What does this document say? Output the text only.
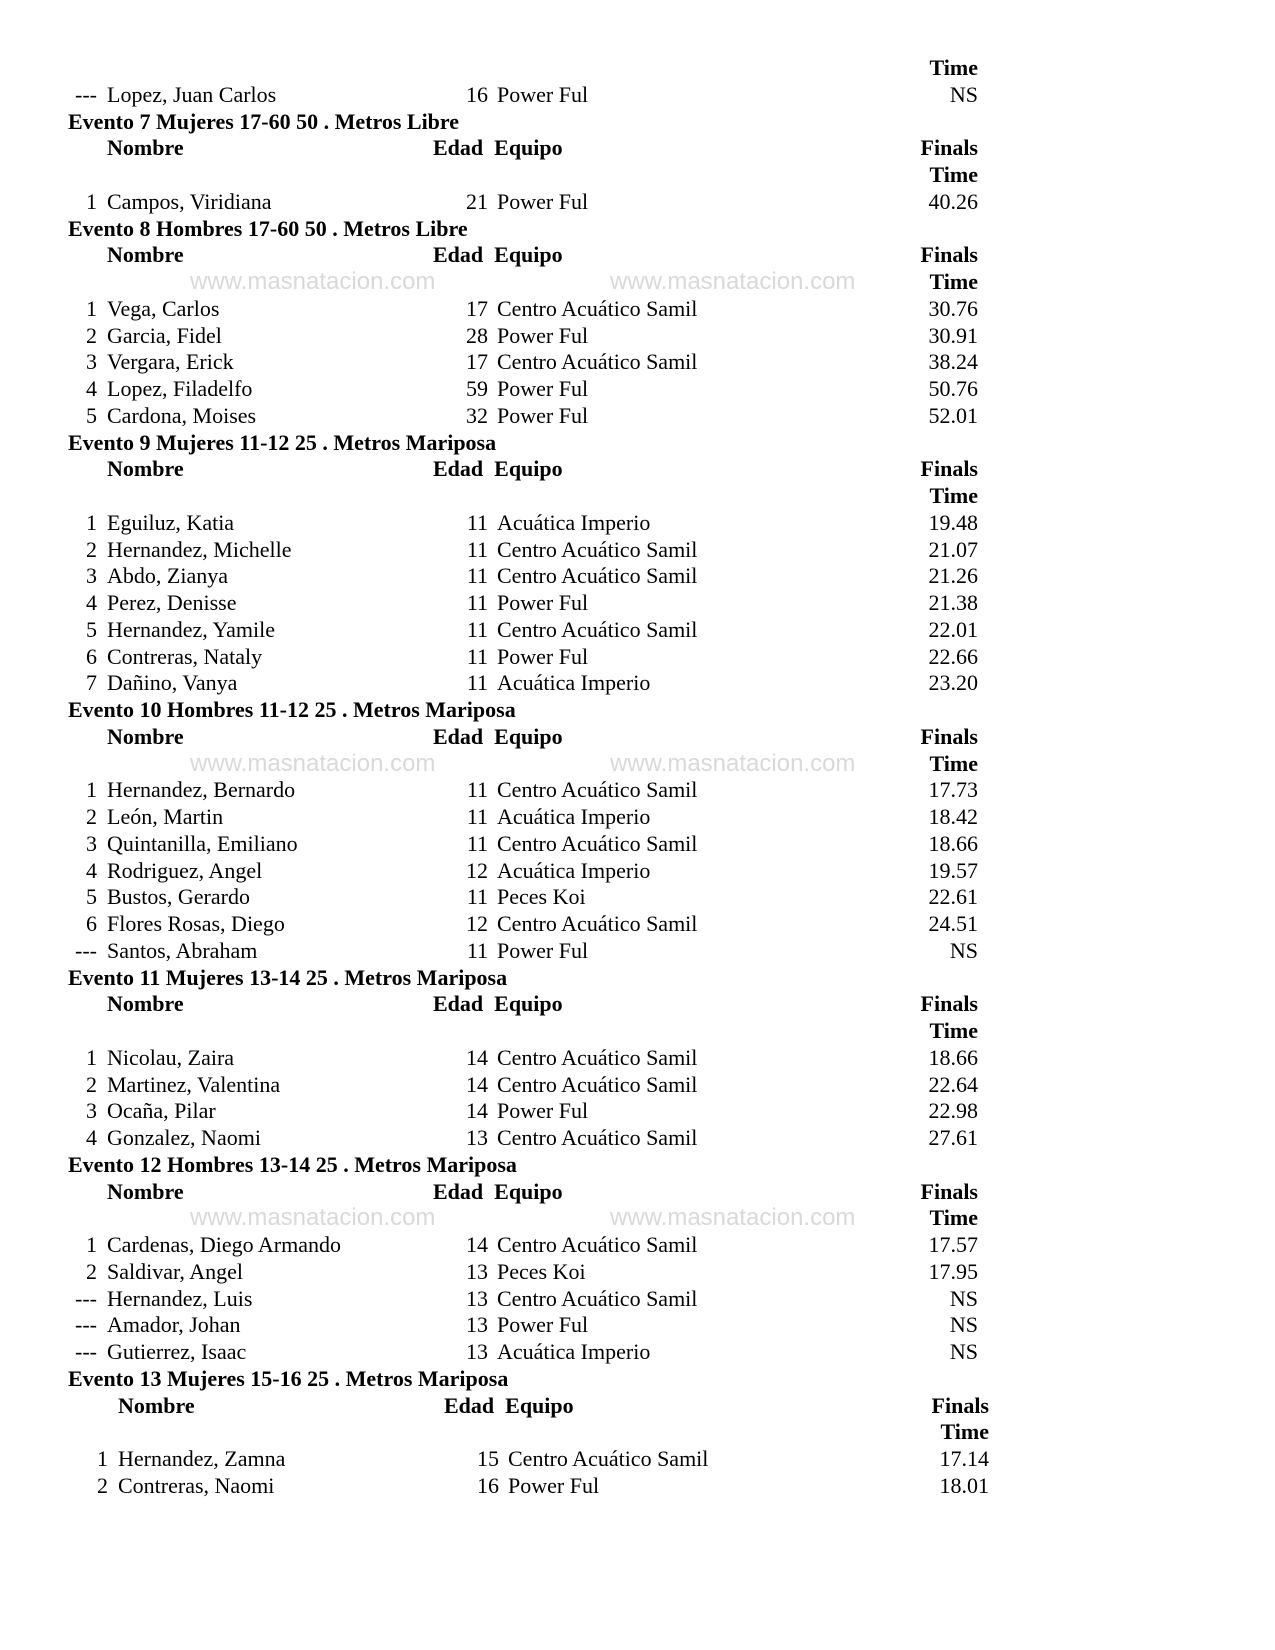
www.masnatacion.com	www.masnatacion.com
www.masnatacion.com	www.masnatacion.com
www.masnatacion.com	www.masnatacion.com
Time
--- Lopez, Juan Carlos	16 Power Ful	NS
Evento 7 Mujeres 17-60 50 . Metros Libre
Nombre	Edad  Equipo	Finals
Time
1 Campos, Viridiana	21 Power Ful	40.26
Evento 8 Hombres 17-60 50 . Metros Libre
Nombre	Edad  Equipo	Finals
Time
1 Vega, Carlos	17 Centro Acuático Samil	30.76
2 Garcia, Fidel	28 Power Ful	30.91
3 Vergara, Erick	17 Centro Acuático Samil	38.24
4 Lopez, Filadelfo	59 Power Ful	50.76
5 Cardona, Moises	32 Power Ful	52.01
Evento 9 Mujeres 11-12 25 . Metros Mariposa
Nombre	Edad  Equipo	Finals
Time
1 Eguiluz, Katia	11 Acuática Imperio	19.48
2 Hernandez, Michelle	11 Centro Acuático Samil	21.07
3 Abdo, Zianya	11 Centro Acuático Samil	21.26
4 Perez, Denisse	11 Power Ful	21.38
5 Hernandez, Yamile	11 Centro Acuático Samil	22.01
6 Contreras, Nataly	11 Power Ful	22.66
7 Dañino, Vanya	11 Acuática Imperio	23.20
Evento 10 Hombres 11-12 25 . Metros Mariposa
Nombre	Edad  Equipo	Finals
Time
1 Hernandez, Bernardo	11 Centro Acuático Samil	17.73
2 León, Martin	11 Acuática Imperio	18.42
3 Quintanilla, Emiliano	11 Centro Acuático Samil	18.66
4 Rodriguez, Angel	12 Acuática Imperio	19.57
5 Bustos, Gerardo	11 Peces Koi	22.61
6 Flores Rosas, Diego	12 Centro Acuático Samil	24.51
--- Santos, Abraham	11 Power Ful	NS
Evento 11 Mujeres 13-14 25 . Metros Mariposa
Nombre	Edad  Equipo	Finals
Time
1 Nicolau, Zaira	14 Centro Acuático Samil	18.66
2 Martinez, Valentina	14 Centro Acuático Samil	22.64
3 Ocaña, Pilar	14 Power Ful	22.98
4 Gonzalez, Naomi	13 Centro Acuático Samil	27.61
Evento 12 Hombres 13-14 25 . Metros Mariposa
Nombre	Edad  Equipo	Finals
Time
1 Cardenas, Diego Armando	14 Centro Acuático Samil	17.57
2 Saldivar, Angel	13 Peces Koi	17.95
--- Hernandez, Luis	13 Centro Acuático Samil	NS
--- Amador, Johan	13 Power Ful	NS
--- Gutierrez, Isaac	13 Acuática Imperio	NS
Evento 13 Mujeres 15-16 25 . Metros Mariposa
Nombre	Edad  Equipo	Finals
Time
1 Hernandez, Zamna	15 Centro Acuático Samil	17.14
2 Contreras, Naomi	16 Power Ful	18.01
